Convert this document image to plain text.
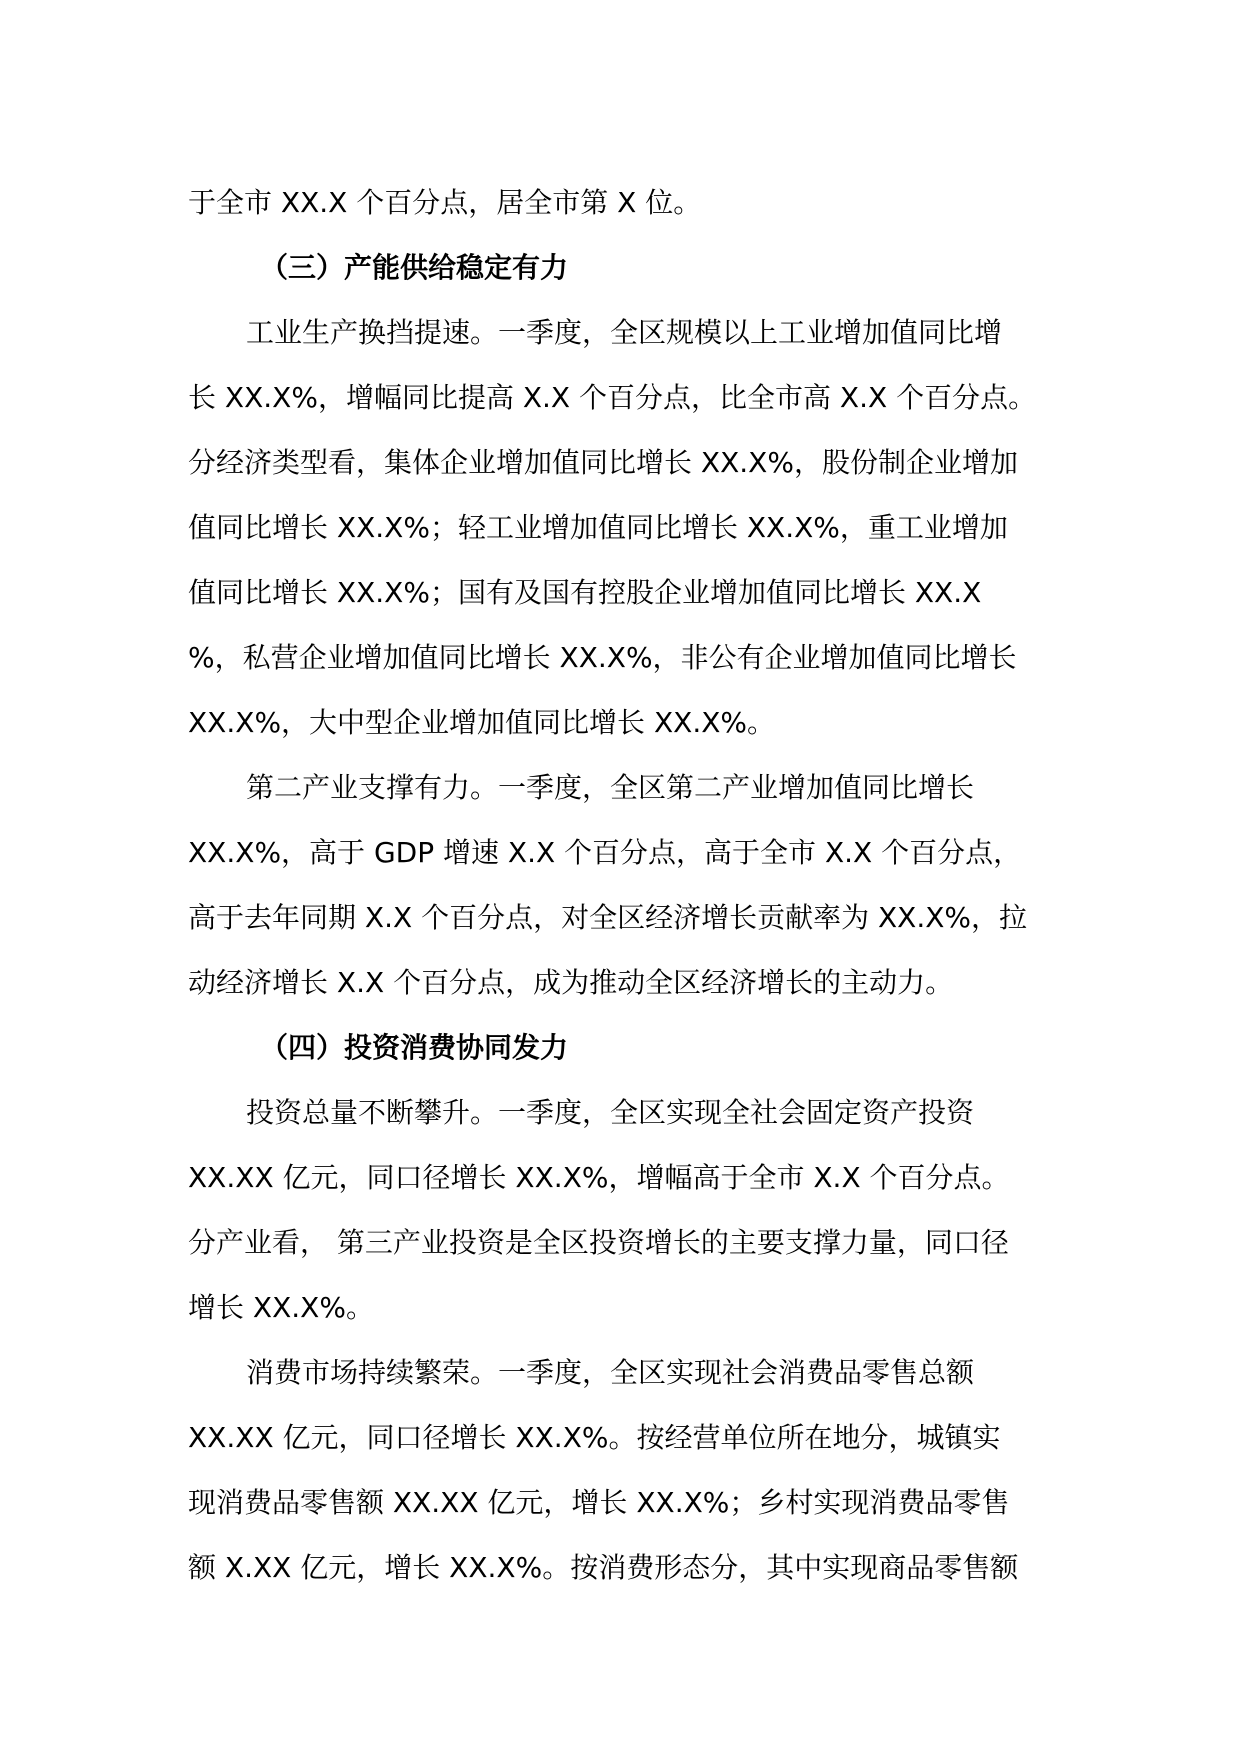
于全市 XX.X 个百分点，居全市第 X 位。
（三）产能供给稳定有力
工业生产换挡提速。一季度，全区规模以上工业增加值同比增
长 XX.X%，增幅同比提高 X.X 个百分点，比全市高 X.X 个百分点。
分经济类型看，集体企业增加值同比增长 XX.X%，股份制企业增加
值同比增长 XX.X%；轻工业增加值同比增长 XX.X%，重工业增加
值同比增长 XX.X%；国有及国有控股企业增加值同比增长 XX.X
%，私营企业增加值同比增长 XX.X%，非公有企业增加值同比增长
XX.X%，大中型企业增加值同比增长 XX.X%。
第二产业支撑有力。一季度，全区第二产业增加值同比增长
XX.X%，高于 GDP 增速 X.X 个百分点，高于全市 X.X 个百分点，
高于去年同期 X.X 个百分点，对全区经济增长贡献率为 XX.X%，拉
动经济增长 X.X 个百分点，成为推动全区经济增长的主动力。
（四）投资消费协同发力
投资总量不断攀升。一季度，全区实现全社会固定资产投资
XX.XX 亿元，同口径增长 XX.X%，增幅高于全市 X.X 个百分点。
分产业看， 第三产业投资是全区投资增长的主要支撑力量，同口径
增长 XX.X%。
消费市场持续繁荣。一季度，全区实现社会消费品零售总额
XX.XX 亿元，同口径增长 XX.X%。按经营单位所在地分，城镇实
现消费品零售额 XX.XX 亿元，增长 XX.X%；乡村实现消费品零售
额 X.XX 亿元，增长 XX.X%。按消费形态分，其中实现商品零售额
